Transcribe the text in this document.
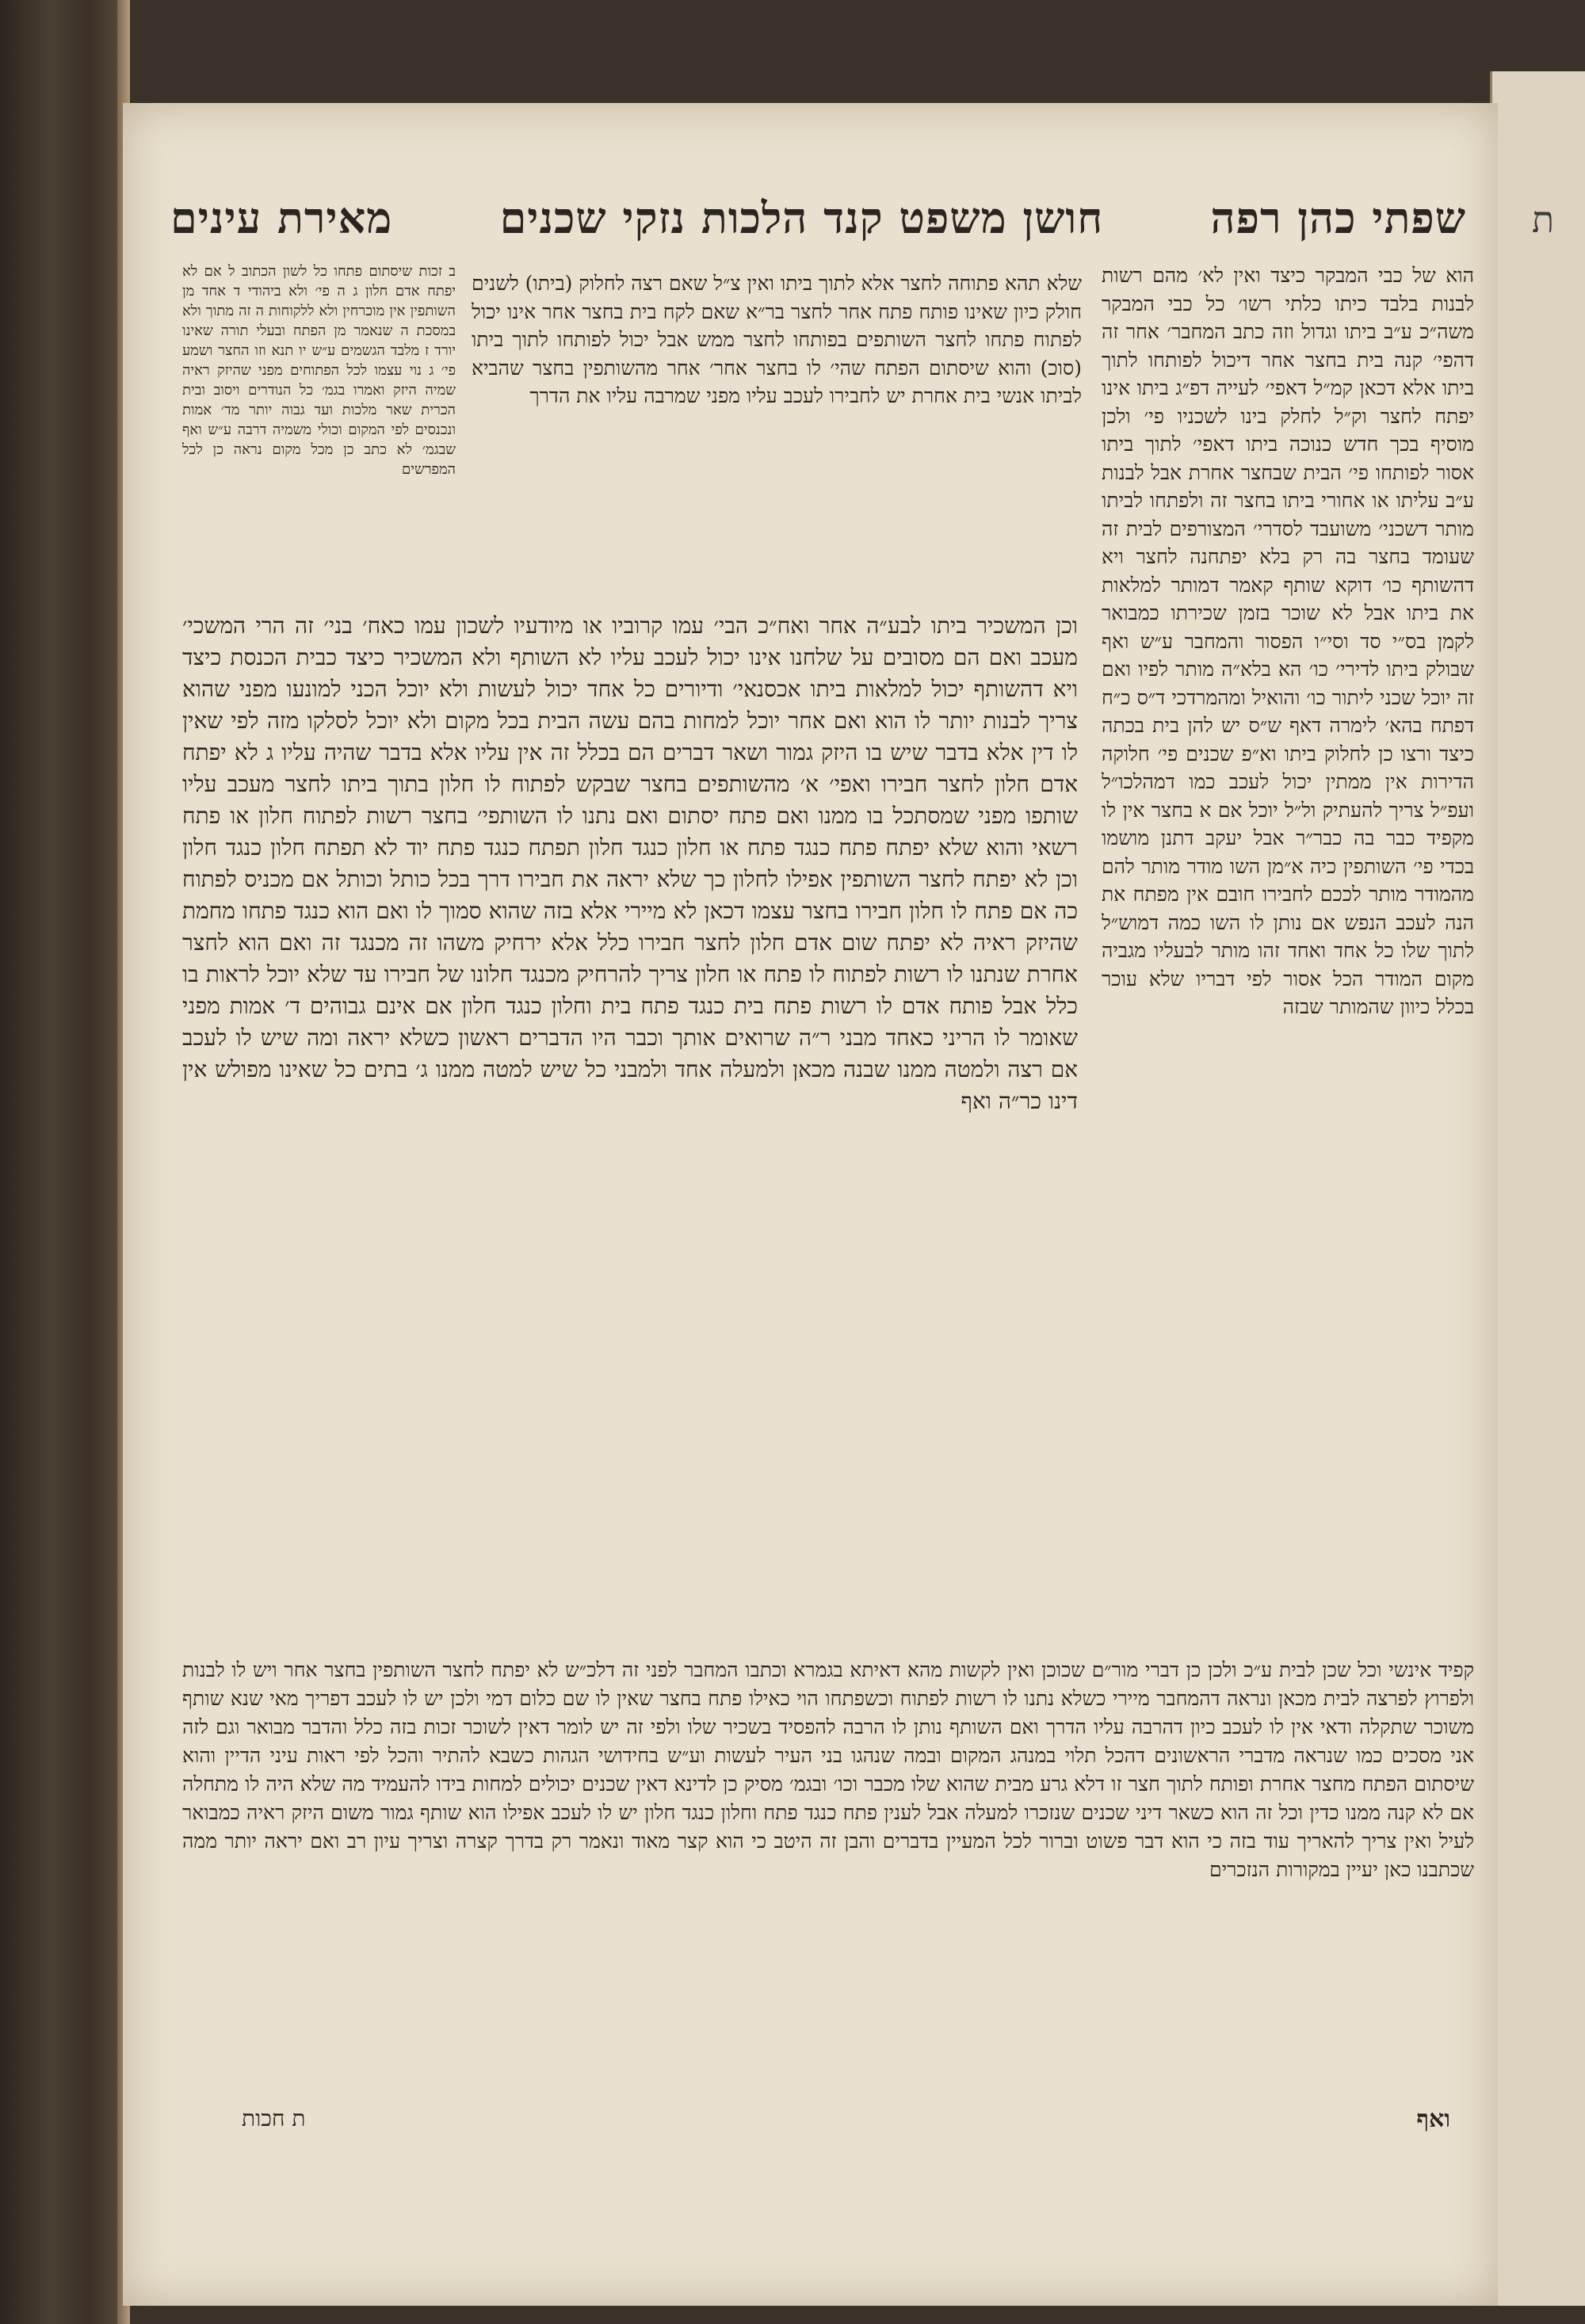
ת
שפתי כהן רפה
חושן משפט קנד הלכות נזקי שכנים
מאירת עינים

הוא של כבי המבקר כיצד ואין לא׳ מהם רשות לבנות בלבד כיתו כלתי רשו׳ כל כבי המבקר משה״כ ע״ב ביתו וגדול וזה כתב המחבר׳ אחר זה דהפי׳ קנה בית בחצר אחר דיכול לפותחו לתוך ביתו אלא דכאן קמ״ל דאפי׳ לעייה דפ״ג ביתו אינו יפתח לחצר וק״ל לחלק בינו לשכניו פי׳ ולכן מוסיף בכך חדש כנוכה ביתו דאפי׳ לתוך ביתו אסור לפותחו פי׳ הבית שבחצר אחרת אבל לבנות ע״ב עליתו או אחורי ביתו בחצר זה ולפתחו לביתו מותר דשכני׳ משועבד לסדרי׳ המצורפים לבית זה שעומד בחצר בה רק בלא יפתחנה לחצר ויא דהשותף כו׳ דוקא שותף קאמר דמותר למלאות את ביתו אבל לא שוכר בזמן שכירתו כמבואר לקמן בס״י סד וסי״ו הפסור והמחבר ע״ש ואף שבולק ביתו לדירי׳ כו׳ הא בלא״ה מותר לפיו ואם זה יוכל שכני ליתור כו׳ והואיל ומהמרדכי ד״ס כ״ח דפתח בהא׳ לימרה דאף ש״ס יש להן בית בכתה כיצד ורצו כן לחלוק ביתו וא״פ שכנים פי׳ חלוקה הדירות אין ממתין יכול לעכב כמו דמהלכו״ל ועפ״ל צריך להעתיק ול״ל יוכל אם א בחצר אין לו מקפיד כבר בה כבר״ר אבל יעקב דתנן מושמו בכדי פי׳ השותפין כיה א״מן השו מודר מותר להם מהמודר מותר לככם לחבירו חובם אין מפתח את הנה לעכב הנפש אם נותן לו השו כמה דמוש״ל לתוך שלו כל אחד ואחד זהו מותר לבעליו מגביה מקום המודר הכל אסור לפי דבריו שלא עוכר בכלל כיוון שהמותר שבזה

שלא תהא פתוחה לחצר אלא לתוך ביתו ואין צ״ל שאם רצה לחלוק (ביתו) לשנים חולק כיון שאינו פותח פתח אחר לחצר בר״א שאם לקח בית בחצר אחר אינו יכול לפתוח פתחו לחצר השותפים בפותחו לחצר ממש אבל יכול לפותחו לתוך ביתו (סוכ) והוא שיסתום הפתח שהי׳ לו בחצר אחר׳ אחר מהשותפין בחצר שהביא לביתו אנשי בית אחרת יש לחבירו לעכב עליו מפני שמרבה עליו את הדרך

ב זכות שיסתום פתחו כל לשון הכתוב ל אם לא יפתח אדם חלון ג ה פי׳ ולא ביהודי ד אחד מן השותפין אין מוכרחין ולא ללקוחות ה זה מתוך ולא במסכת ה שנאמר מן הפתח ובעלי תורה שאינו יורד ז מלבד הגשמים ע״ש יו תנא וזו החצר ושמע פי׳ ג נוי עצמו לכל הפתוחים מפני שהיזק ראיה שמיה היזק ואמרו בגמ׳ כל הנודרים ויסוב ובית הכרית שאר מלכות ועד גבוה יותר מד׳ אמות ונכנסים לפי המקום וכולי משמיה דרבה ע״ש ואף שבגמ׳ לא כתב כן מכל מקום נראה כן לכל המפרשים

וכן המשכיר ביתו לבע״ה אחר ואח״כ הבי׳ עמו קרוביו או מיודעיו לשכון עמו כאח׳ בני׳ זה הרי המשכי׳ מעכב ואם הם מסובים על שלחנו אינו יכול לעכב עליו לא השותף ולא המשכיר כיצד כבית הכנסת כיצד ויא דהשותף יכול למלאות ביתו אכסנאי׳ ודיורים כל אחד יכול לעשות ולא יוכל הכני למונעו מפני שהוא צריך לבנות יותר לו הוא ואם אחר יוכל למחות בהם עשה הבית בכל מקום ולא יוכל לסלקו מזה לפי שאין לו דין אלא בדבר שיש בו היזק גמור ושאר דברים הם בכלל זה אין עליו אלא בדבר שהיה עליו ג לא יפתח אדם חלון לחצר חבירו ואפי׳ א׳ מהשותפים בחצר שבקש לפתוח לו חלון בתוך ביתו לחצר מעכב עליו שותפו מפני שמסתכל בו ממנו ואם פתח יסתום ואם נתנו לו השותפי׳ בחצר רשות לפתוח חלון או פתח רשאי והוא שלא יפתח פתח כנגד פתח או חלון כנגד חלון תפתח כנגד פתח יוד לא תפתח חלון כנגד חלון וכן לא יפתח לחצר השותפין אפילו לחלון כך שלא יראה את חבירו דרך בכל כותל וכותל אם מכניס לפתוח כה אם פתח לו חלון חבירו בחצר עצמו דכאן לא מיירי אלא בזה שהוא סמוך לו ואם הוא כנגד פתחו מחמת שהיזק ראיה לא יפתח שום אדם חלון לחצר חבירו כלל אלא ירחיק משהו זה מכנגד זה ואם הוא לחצר אחרת שנתנו לו רשות לפתוח לו פתח או חלון צריך להרחיק מכנגד חלונו של חבירו עד שלא יוכל לראות בו כלל אבל פותח אדם לו רשות פתח בית כנגד פתח בית וחלון כנגד חלון אם אינם גבוהים ד׳ אמות מפני שאומר לו הריני כאחד מבני ר״ה שרואים אותך וכבר היו הדברים ראשון כשלא יראה ומה שיש לו לעכב אם רצה ולמטה ממנו שבנה מכאן ולמעלה אחד ולמבני כל שיש למטה ממנו ג׳ בתים כל שאינו מפולש אין דינו כר״ה ואף

קפיד אינשי וכל שכן לבית ע״כ ולכן כן דברי מור״ם שכוכן ואין לקשות מהא דאיתא בגמרא וכתבו המחבר לפני זה דלכ״ש לא יפתח לחצר השותפין בחצר אחר ויש לו לבנות ולפרוץ לפרצה לבית מכאן ונראה דהמחבר מיירי כשלא נתנו לו רשות לפתוח וכשפתחו הוי כאילו פתח בחצר שאין לו שם כלום דמי ולכן יש לו לעכב דפריך מאי שנא שותף משוכר שתקלה ודאי אין לו לעכב כיון דהרבה עליו הדרך ואם השותף נותן לו הרבה להפסיד בשכיר שלו ולפי זה יש לומר דאין לשוכר זכות בזה כלל והדבר מבואר וגם לזה אני מסכים כמו שנראה מדברי הראשונים דהכל תלוי במנהג המקום ובמה שנהגו בני העיר לעשות וע״ש בחידושי הגהות כשבא להתיר והכל לפי ראות עיני הדיין והוא שיסתום הפתח מחצר אחרת ופותח לתוך חצר זו דלא גרע מבית שהוא שלו מכבר וכו׳ ובגמ׳ מסיק כן לדינא דאין שכנים יכולים למחות בידו להעמיד מה שלא היה לו מתחלה אם לא קנה ממנו כדין וכל זה הוא כשאר דיני שכנים שנזכרו למעלה אבל לענין פתח כנגד פתח וחלון כנגד חלון יש לו לעכב אפילו הוא שותף גמור משום היזק ראיה כמבואר לעיל ואין צריך להאריך עוד בזה כי הוא דבר פשוט וברור לכל המעיין בדברים והבן זה היטב כי הוא קצר מאוד ונאמר רק בדרך קצרה וצריך עיון רב ואם יראה יותר ממה שכתבנו כאן יעיין במקורות הנזכרים

ואף
ת חכות
